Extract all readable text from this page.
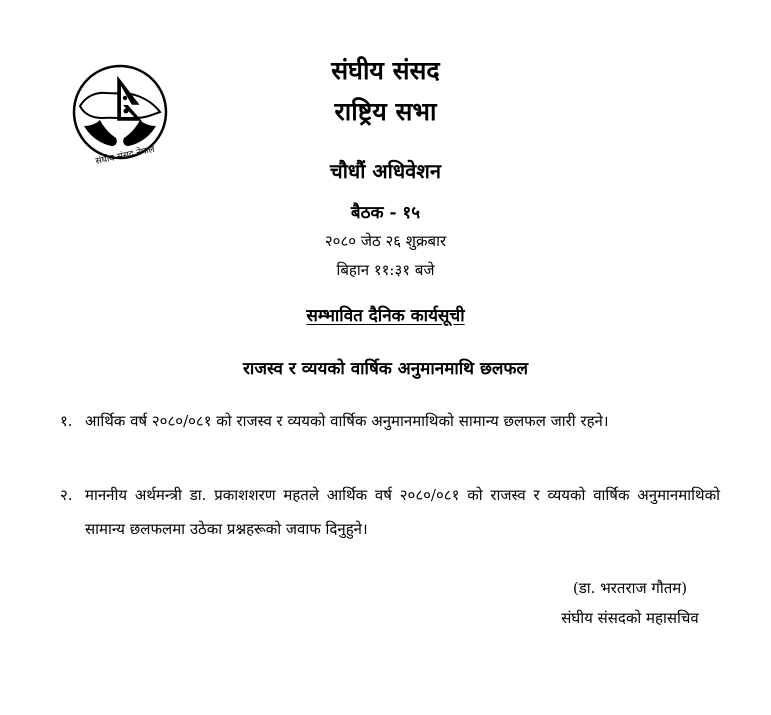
संघीय संसद नेपाल
संघीय संसद
राष्ट्रिय सभा
चौधौं अधिवेशन
बैठक - १५
२०८० जेठ २६ शुक्रबार
बिहान ११:३१ बजे
सम्भावित दैनिक कार्यसूची
राजस्व र व्ययको वार्षिक अनुमानमाथि छलफल
१. आर्थिक वर्ष २०८०/०८१ को राजस्व र व्ययको वार्षिक अनुमानमाथिको सामान्य छलफल जारी रहने।
२. माननीय अर्थमन्त्री डा. प्रकाशशरण महतले आर्थिक वर्ष २०८०/०८१ को राजस्व र व्ययको वार्षिक अनुमानमाथिको सामान्य छलफलमा उठेका प्रश्नहरूको जवाफ दिनुहुने।
(डा. भरतराज गौतम)
संघीय संसदको महासचिव
